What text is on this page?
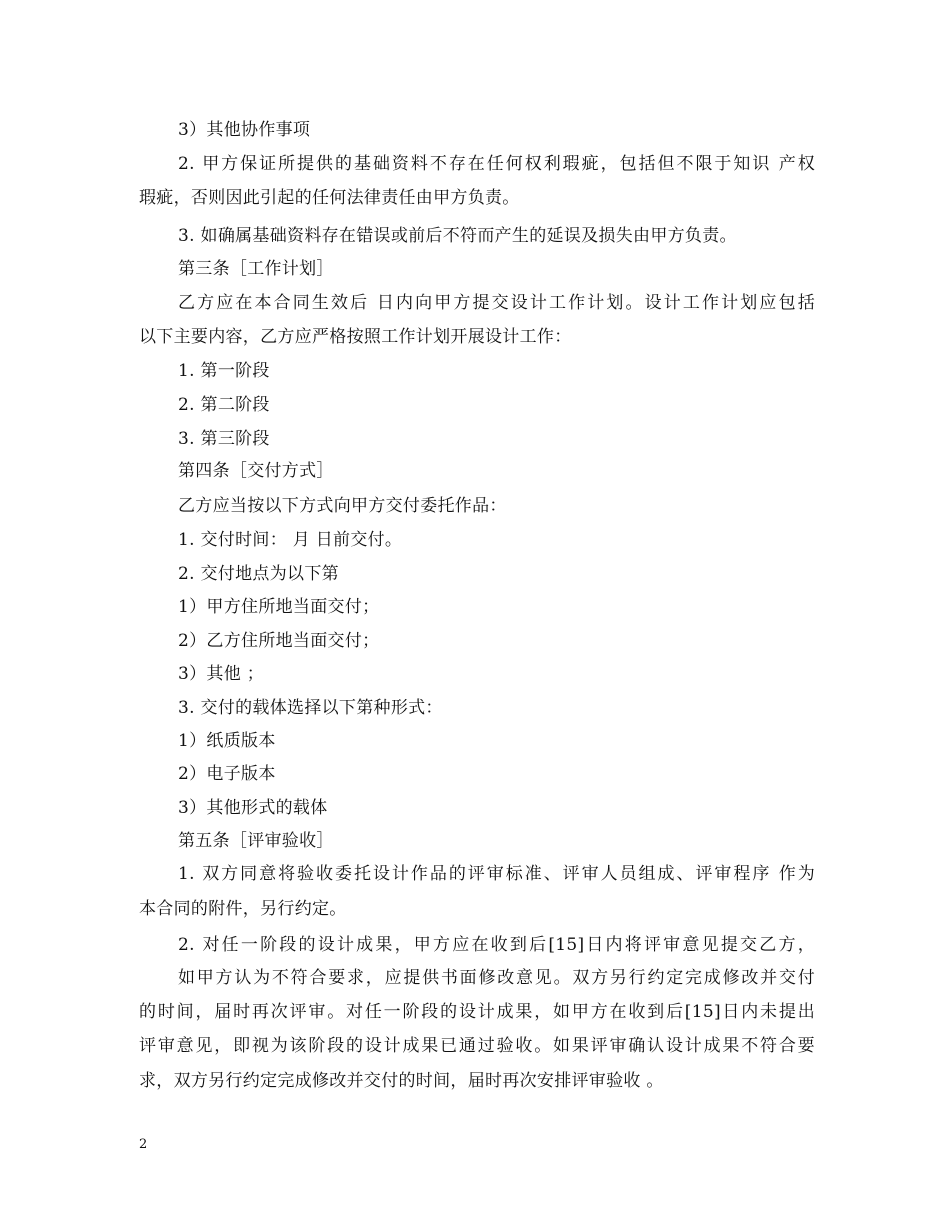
3）其他协作事项
2. 甲方保证所提供的基础资料不存在任何权利瑕疵，包括但不限于知识 产权
瑕疵，否则因此引起的任何法律责任由甲方负责。
3. 如确属基础资料存在错误或前后不符而产生的延误及损失由甲方负责。
第三条［工作计划］
乙方应在本合同生效后 日内向甲方提交设计工作计划。设计工作计划应包括
以下主要内容，乙方应严格按照工作计划开展设计工作：
1. 第一阶段
2. 第二阶段
3. 第三阶段
第四条［交付方式］
乙方应当按以下方式向甲方交付委托作品：
1. 交付时间： 月 日前交付。
2. 交付地点为以下第
1）甲方住所地当面交付；
2）乙方住所地当面交付；
3）其他 ；
3. 交付的载体选择以下第种形式：
1）纸质版本
2）电子版本
3）其他形式的载体
第五条［评审验收］
1. 双方同意将验收委托设计作品的评审标准、评审人员组成、评审程序 作为
本合同的附件，另行约定。
2. 对任一阶段的设计成果，甲方应在收到后[15]日内将评审意见提交乙方，
如甲方认为不符合要求，应提供书面修改意见。双方另行约定完成修改并交付
的时间，届时再次评审。对任一阶段的设计成果，如甲方在收到后[15]日内未提出
评审意见，即视为该阶段的设计成果已通过验收。如果评审确认设计成果不符合要
求，双方另行约定完成修改并交付的时间，届时再次安排评审验收 。
2
